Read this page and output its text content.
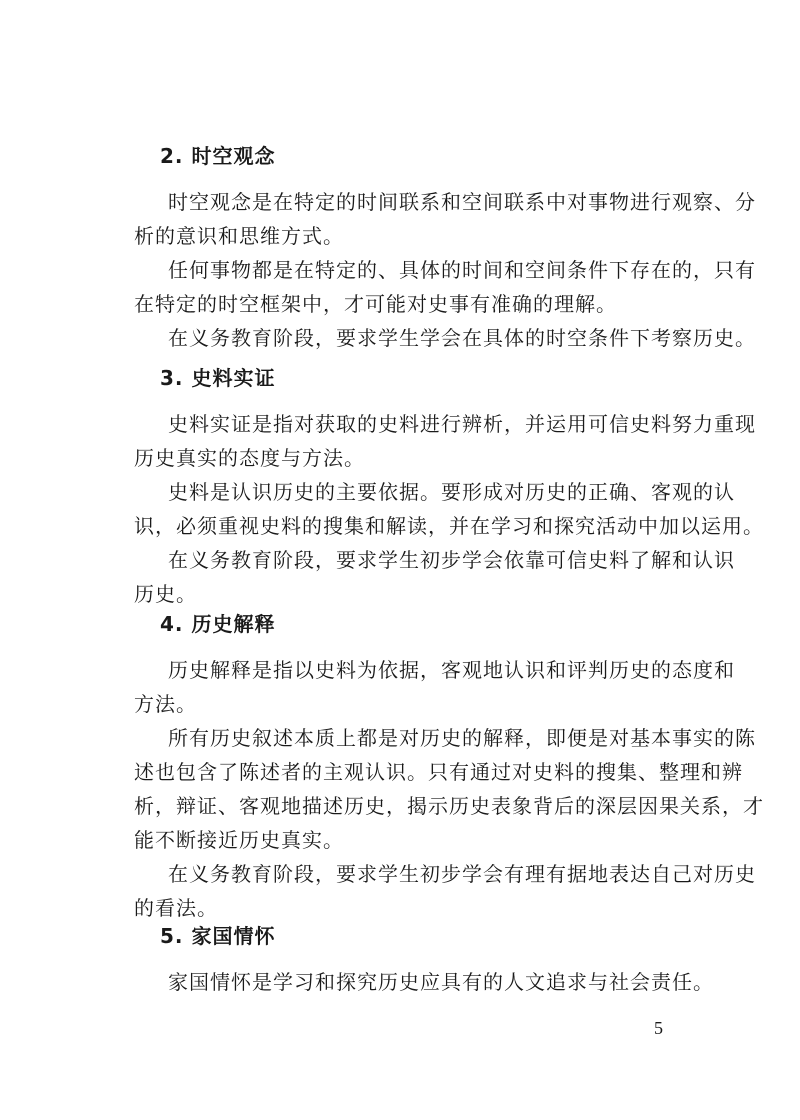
2. 时空观念
时空观念是在特定的时间联系和空间联系中对事物进行观察、分
析的意识和思维方式。
任何事物都是在特定的、具体的时间和空间条件下存在的，只有
在特定的时空框架中，才可能对史事有准确的理解。
在义务教育阶段，要求学生学会在具体的时空条件下考察历史。
3. 史料实证
史料实证是指对获取的史料进行辨析，并运用可信史料努力重现
历史真实的态度与方法。
史料是认识历史的主要依据。要形成对历史的正确、客观的认
识，必须重视史料的搜集和解读，并在学习和探究活动中加以运用。
在义务教育阶段，要求学生初步学会依靠可信史料了解和认识
历史。
4. 历史解释
历史解释是指以史料为依据，客观地认识和评判历史的态度和
方法。
所有历史叙述本质上都是对历史的解释，即便是对基本事实的陈
述也包含了陈述者的主观认识。只有通过对史料的搜集、整理和辨
析，辩证、客观地描述历史，揭示历史表象背后的深层因果关系，才
能不断接近历史真实。
在义务教育阶段，要求学生初步学会有理有据地表达自己对历史
的看法。
5. 家国情怀
家国情怀是学习和探究历史应具有的人文追求与社会责任。
5
